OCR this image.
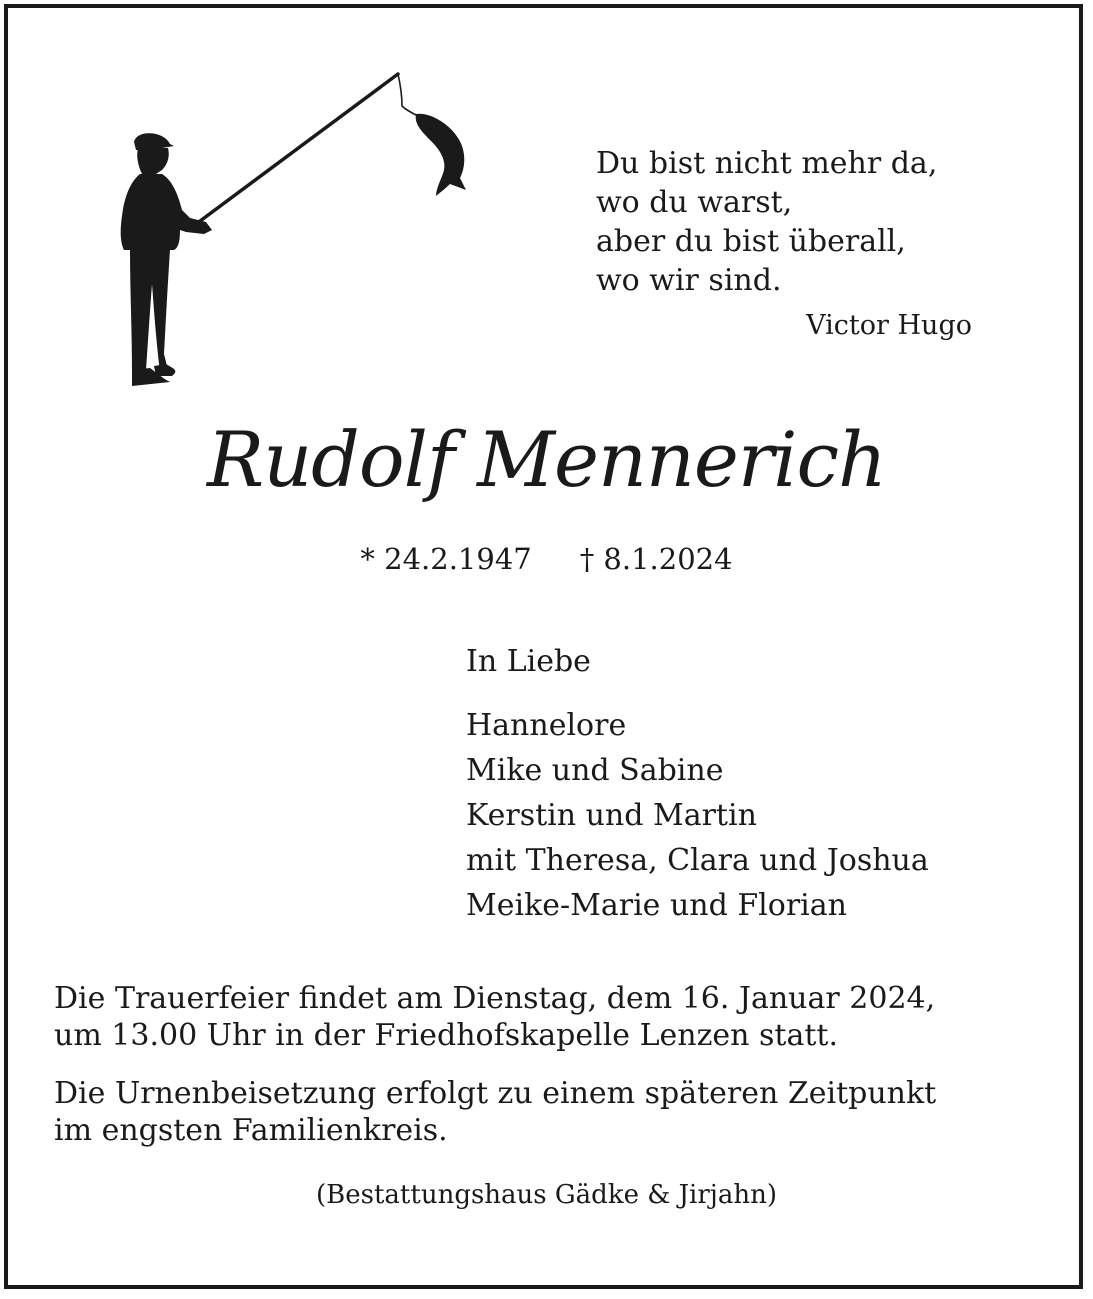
Du bist nicht mehr da,
wo du warst,
aber du bist überall,
wo wir sind.
Victor Hugo
Rudolf Mennerich
* 24.2.1947 † 8.1.2024
In Liebe
Hannelore
Mike und Sabine
Kerstin und Martin
mit Theresa, Clara und Joshua
Meike-Marie und Florian
Die Trauerfeier findet am Dienstag, dem 16. Januar 2024,
um 13.00 Uhr in der Friedhofskapelle Lenzen statt.
Die Urnenbeisetzung erfolgt zu einem späteren Zeitpunkt
im engsten Familienkreis.
(Bestattungshaus Gädke & Jirjahn)
